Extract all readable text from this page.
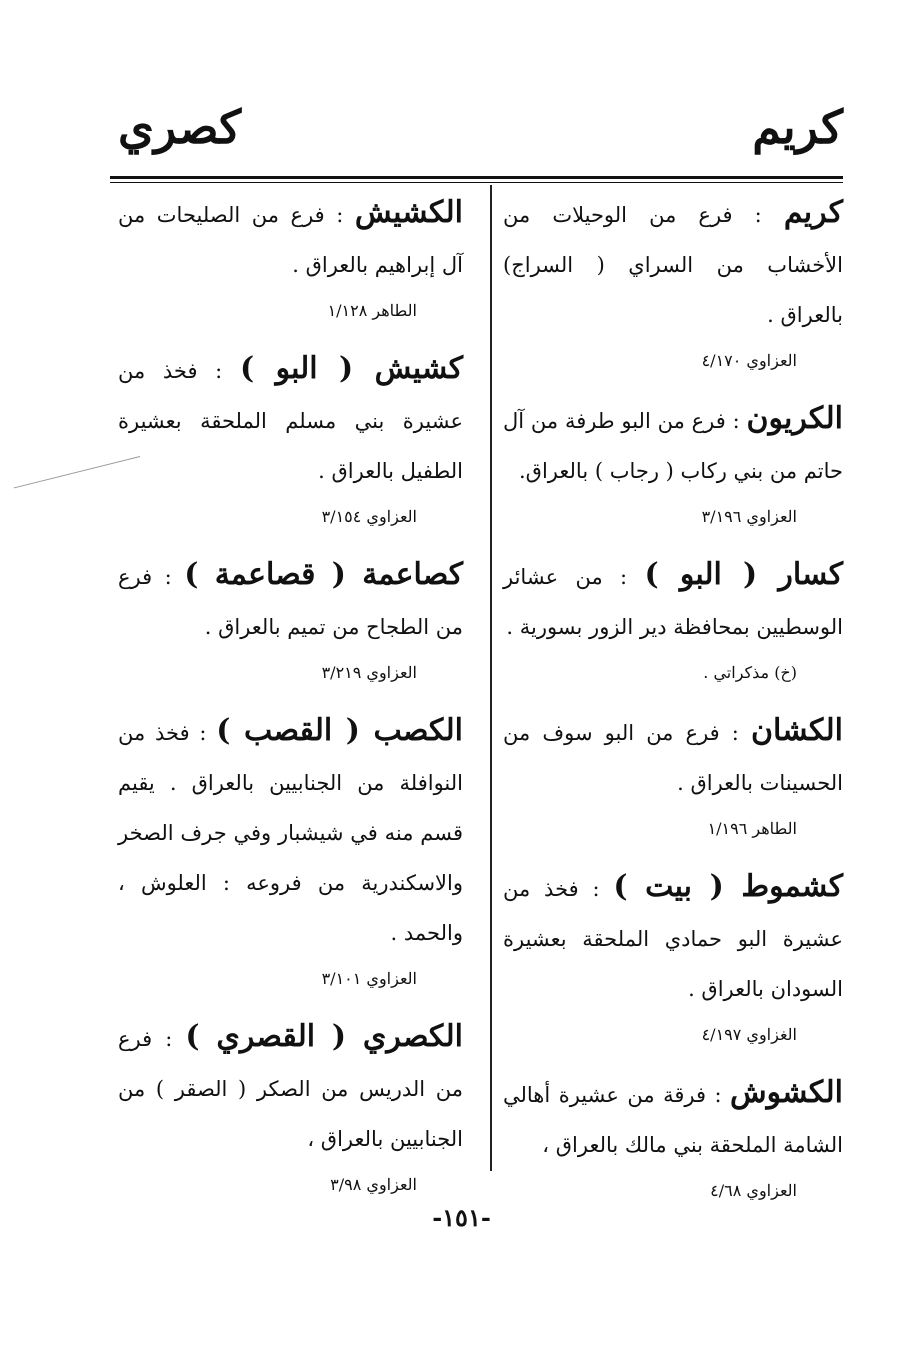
كريم
كصري

كريم : فرع من الوحيلات من الأخشاب من السراي ( السراج) بالعراق .

العزاوي ٤/١٧٠

الكريون : فرع من البو طرفة من آل حاتم من بني ركاب ( رجاب ) بالعراق.

العزاوي ٣/١٩٦

كسار ( البو ) : من عشائر الوسطيين بمحافظة دير الزور بسورية .

(خ) مذكراتي .

الكشان : فرع من البو سوف من الحسينات بالعراق .

الطاهر ١/١٩٦

كشموط ( بيت ) : فخذ من عشيرة البو حمادي الملحقة بعشيرة السودان بالعراق .

الغزاوي ٤/١٩٧

الكشوش : فرقة من عشيرة أهالي الشامة الملحقة بني مالك بالعراق ،

العزاوي ٤/٦٨

الكشيش : فرع من الصليحات من آل إبراهيم بالعراق .

الطاهر ١/١٢٨

كشيش ( البو ) : فخذ من عشيرة بني مسلم الملحقة بعشيرة الطفيل بالعراق .

العزاوي ٣/١٥٤

كصاعمة ( قصاعمة ) : فرع من الطجاح من تميم بالعراق .

العزاوي ٣/٢١٩

الكصب ( القصب ) : فخذ من النوافلة من الجنابيين بالعراق . يقيم قسم منه في شيشبار وفي جرف الصخر والاسكندرية من فروعه : العلوش ، والحمد .

العزاوي ٣/١٠١

الكصري ( القصري ) : فرع من الدريس من الصكر ( الصقر ) من الجنابيين بالعراق ،

العزاوي ٣/٩٨

-١٥١-
